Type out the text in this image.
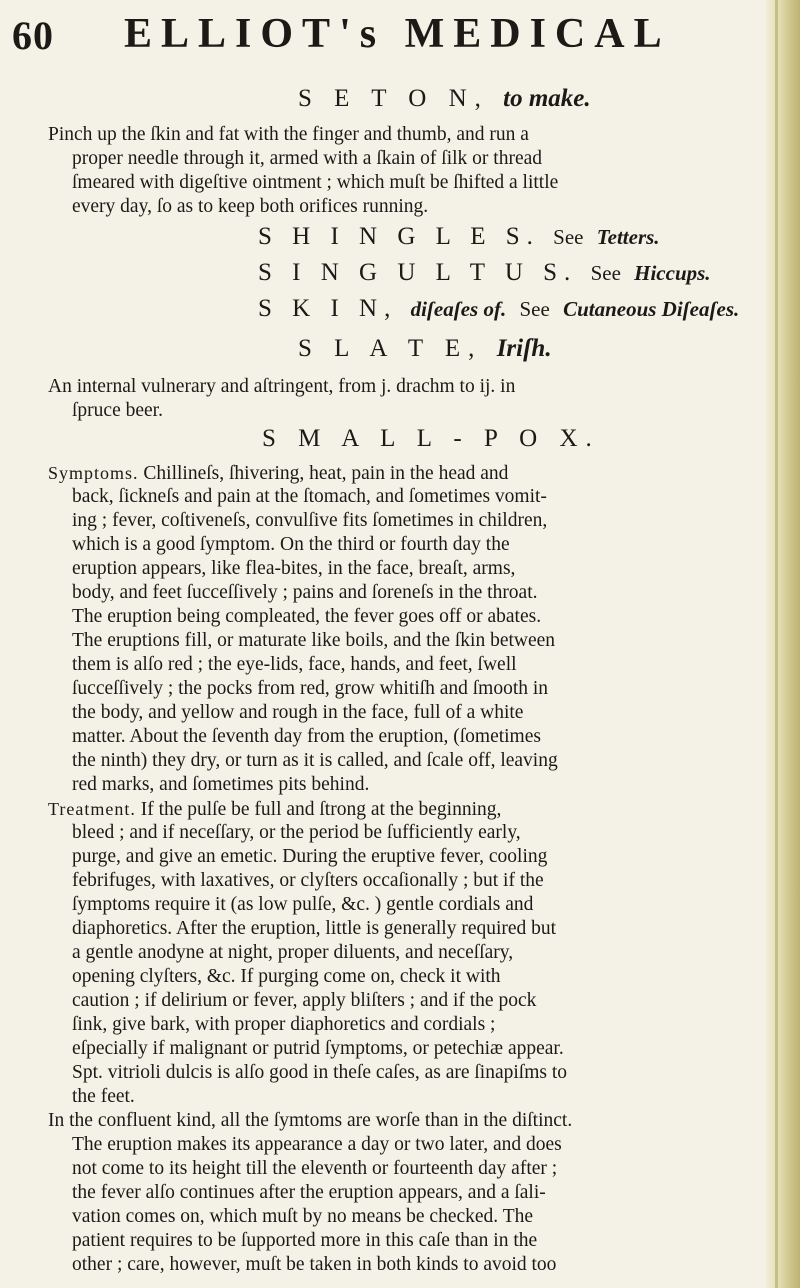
60 ELLIOT's MEDICAL
S E T O N, to make.
Pinch up the ſkin and fat with the finger and thumb, and run a
proper needle through it, armed with a ſkain of ſilk or thread
ſmeared with digeſtive ointment ; which muſt be ſhifted a little
every day, ſo as to keep both orifices running.
S H I N G L E S. See Tetters.
S I N G U L T U S. See Hiccups.
S K I N, diſeaſes of. See Cutaneous Diſeaſes.
S L A T E, Iriſh.
An internal vulnerary and aſtringent, from j. drachm to ij. in
ſpruce beer.
S M A L L - P O X.
Symptoms. Chillineſs, ſhivering, heat, pain in the head and
back, ſickneſs and pain at the ſtomach, and ſometimes vomit-
ing ; fever, coſtiveneſs, convulſive fits ſometimes in children,
which is a good ſymptom. On the third or fourth day the
eruption appears, like flea-bites, in the face, breaſt, arms,
body, and feet ſucceſſively ; pains and ſoreneſs in the throat.
The eruption being compleated, the fever goes off or abates.
The eruptions fill, or maturate like boils, and the ſkin between
them is alſo red ; the eye-lids, face, hands, and feet, ſwell
ſucceſſively ; the pocks from red, grow whitiſh and ſmooth in
the body, and yellow and rough in the face, full of a white
matter. About the ſeventh day from the eruption, (ſometimes
the ninth) they dry, or turn as it is called, and ſcale off, leaving
red marks, and ſometimes pits behind.
Treatment. If the pulſe be full and ſtrong at the beginning,
bleed ; and if neceſſary, or the period be ſufficiently early,
purge, and give an emetic. During the eruptive fever, cooling
febrifuges, with laxatives, or clyſters occaſionally ; but if the
ſymptoms require it (as low pulſe, &c. ) gentle cordials and
diaphoretics. After the eruption, little is generally required but
a gentle anodyne at night, proper diluents, and neceſſary,
opening clyſters, &c. If purging come on, check it with
caution ; if delirium or fever, apply bliſters ; and if the pock
ſink, give bark, with proper diaphoretics and cordials ;
eſpecially if malignant or putrid ſymptoms, or petechiæ appear.
Spt. vitrioli dulcis is alſo good in theſe caſes, as are ſinapiſms to
the feet.
In the confluent kind, all the ſymtoms are worſe than in the diſtinct.
The eruption makes its appearance a day or two later, and does
not come to its height till the eleventh or fourteenth day after ;
the fever alſo continues after the eruption appears, and a ſali-
vation comes on, which muſt by no means be checked. The
patient requires to be ſupported more in this caſe than in the
other ; care, however, muſt be taken in both kinds to avoid too
